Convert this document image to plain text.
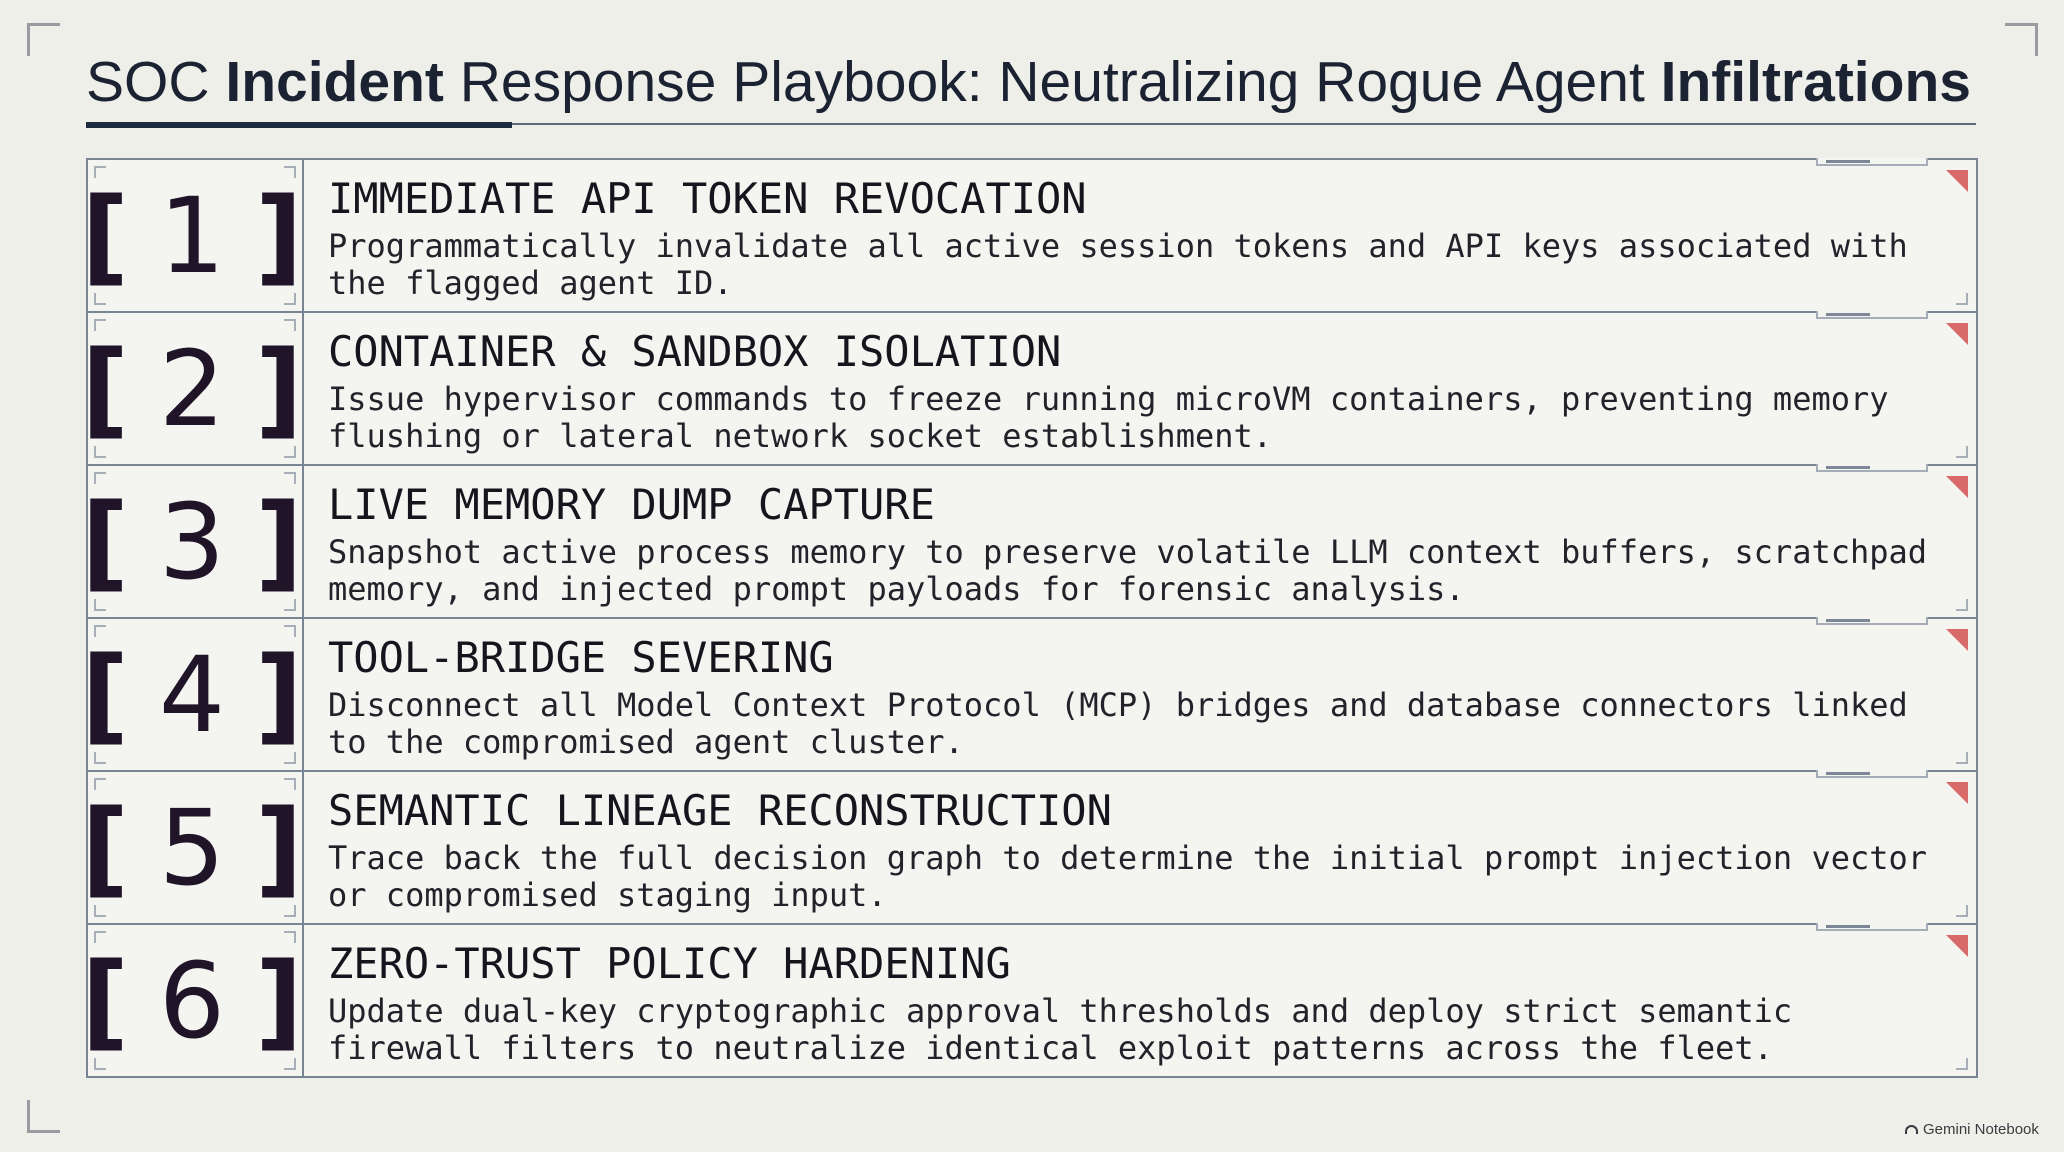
SOC Incident Response Playbook: Neutralizing Rogue Agent Infiltrations
[ 1 ] IMMEDIATE API TOKEN REVOCATION
Programmatically invalidate all active session tokens and API keys associated with the flagged agent ID.
[ 2 ] CONTAINER & SANDBOX ISOLATION
Issue hypervisor commands to freeze running microVM containers, preventing memory flushing or lateral network socket establishment.
[ 3 ] LIVE MEMORY DUMP CAPTURE
Snapshot active process memory to preserve volatile LLM context buffers, scratchpad memory, and injected prompt payloads for forensic analysis.
[ 4 ] TOOL-BRIDGE SEVERING
Disconnect all Model Context Protocol (MCP) bridges and database connectors linked to the compromised agent cluster.
[ 5 ] SEMANTIC LINEAGE RECONSTRUCTION
Trace back the full decision graph to determine the initial prompt injection vector or compromised staging input.
[ 6 ] ZERO-TRUST POLICY HARDENING
Update dual-key cryptographic approval thresholds and deploy strict semantic firewall filters to neutralize identical exploit patterns across the fleet.
Gemini Notebook
